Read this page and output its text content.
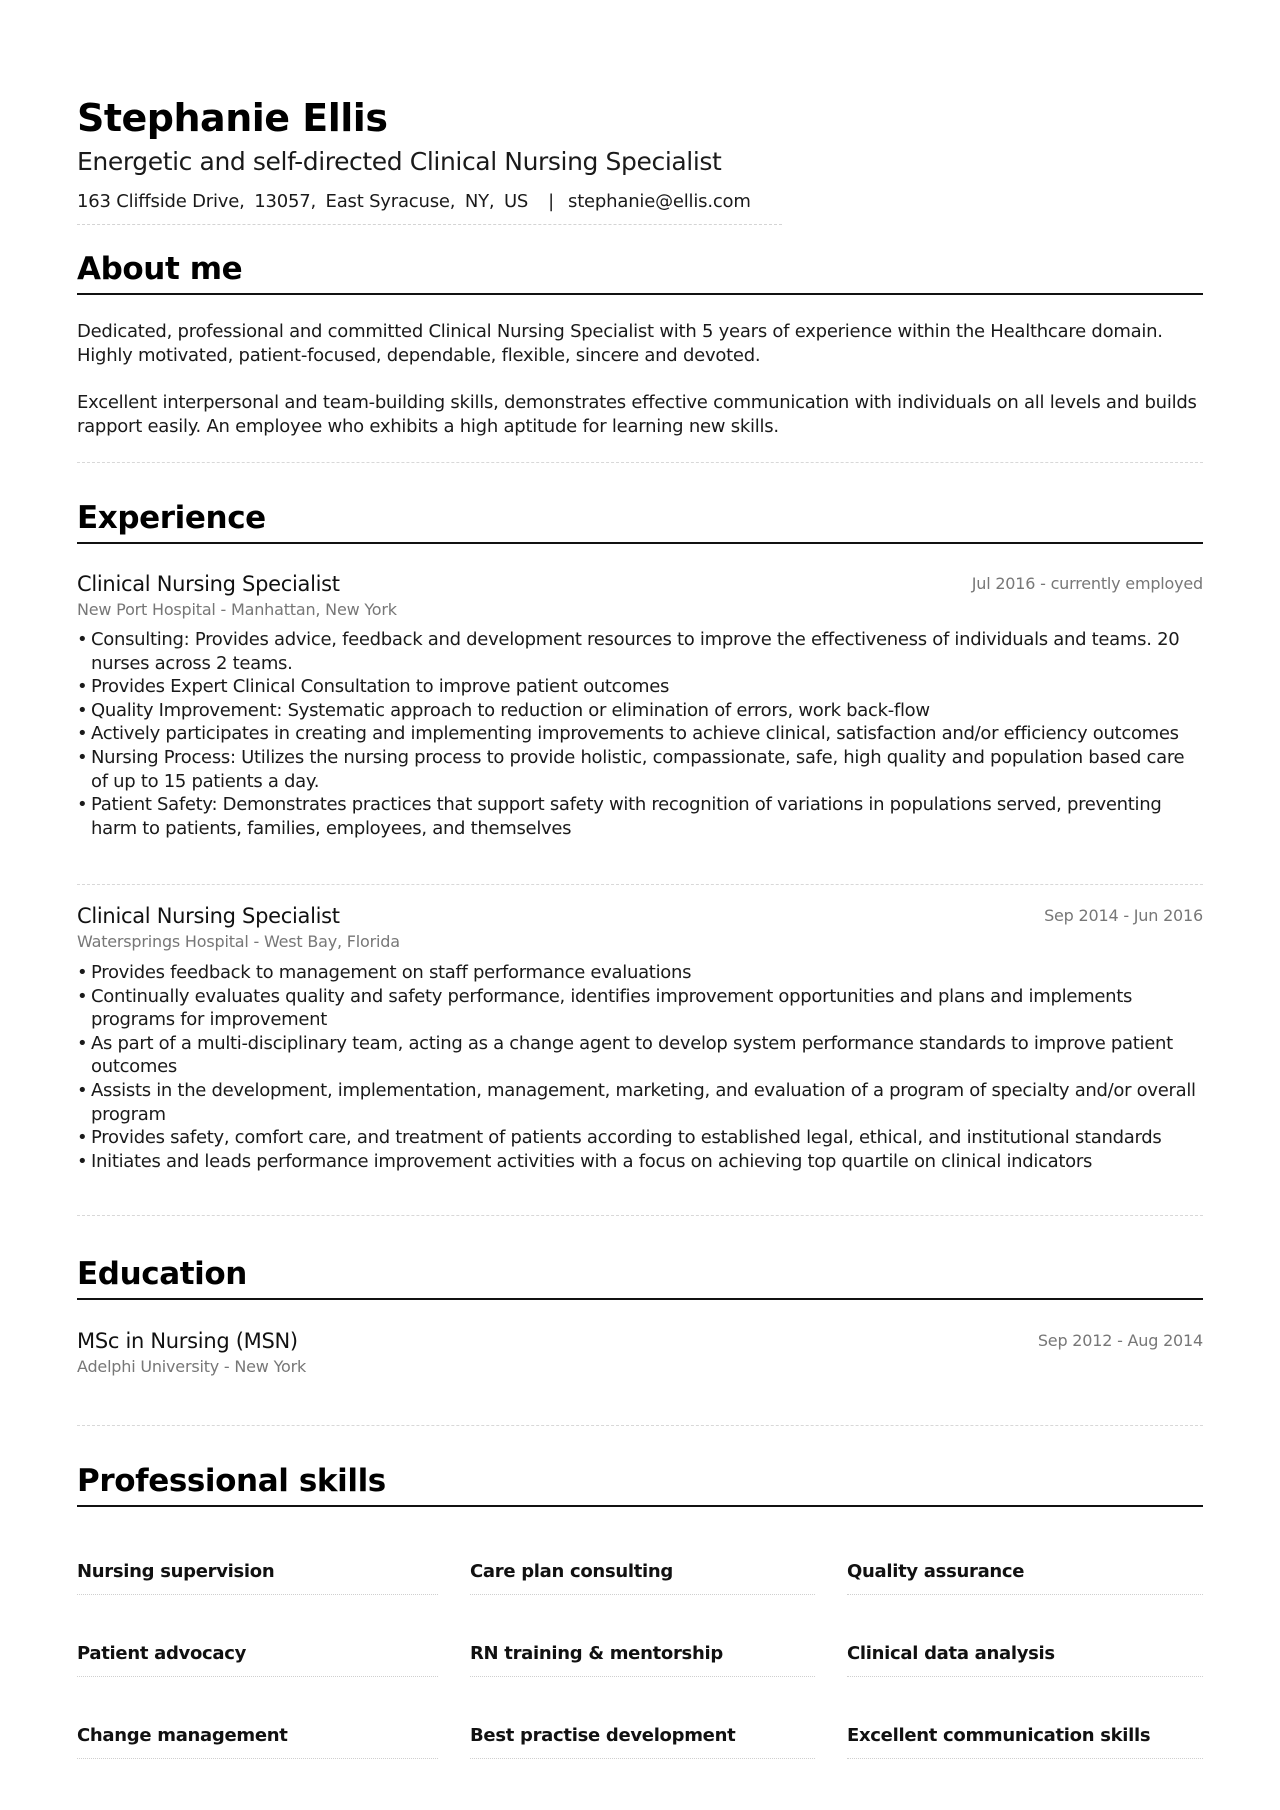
Stephanie Ellis
Energetic and self-directed Clinical Nursing Specialist
163 Cliffside Drive, 13057, East Syracuse, NY, US | stephanie@ellis.com
About me
Dedicated, professional and committed Clinical Nursing Specialist with 5 years of experience within the Healthcare domain. Highly motivated, patient-focused, dependable, flexible, sincere and devoted.
Excellent interpersonal and team-building skills, demonstrates effective communication with individuals on all levels and builds rapport easily. An employee who exhibits a high aptitude for learning new skills.
Experience
Clinical Nursing Specialist	Jul 2016 - currently employed
New Port Hospital - Manhattan, New York
• Consulting: Provides advice, feedback and development resources to improve the effectiveness of individuals and teams. 20 nurses across 2 teams.
• Provides Expert Clinical Consultation to improve patient outcomes
• Quality Improvement: Systematic approach to reduction or elimination of errors, work back-flow
• Actively participates in creating and implementing improvements to achieve clinical, satisfaction and/or efficiency outcomes
• Nursing Process: Utilizes the nursing process to provide holistic, compassionate, safe, high quality and population based care of up to 15 patients a day.
• Patient Safety: Demonstrates practices that support safety with recognition of variations in populations served, preventing harm to patients, families, employees, and themselves
Clinical Nursing Specialist	Sep 2014 - Jun 2016
Watersprings Hospital - West Bay, Florida
• Provides feedback to management on staff performance evaluations
• Continually evaluates quality and safety performance, identifies improvement opportunities and plans and implements programs for improvement
• As part of a multi-disciplinary team, acting as a change agent to develop system performance standards to improve patient outcomes
• Assists in the development, implementation, management, marketing, and evaluation of a program of specialty and/or overall program
• Provides safety, comfort care, and treatment of patients according to established legal, ethical, and institutional standards
• Initiates and leads performance improvement activities with a focus on achieving top quartile on clinical indicators
Education
MSc in Nursing (MSN)	Sep 2012 - Aug 2014
Adelphi University - New York
Professional skills
Nursing supervision	Care plan consulting	Quality assurance
Patient advocacy	RN training & mentorship	Clinical data analysis
Change management	Best practise development	Excellent communication skills
